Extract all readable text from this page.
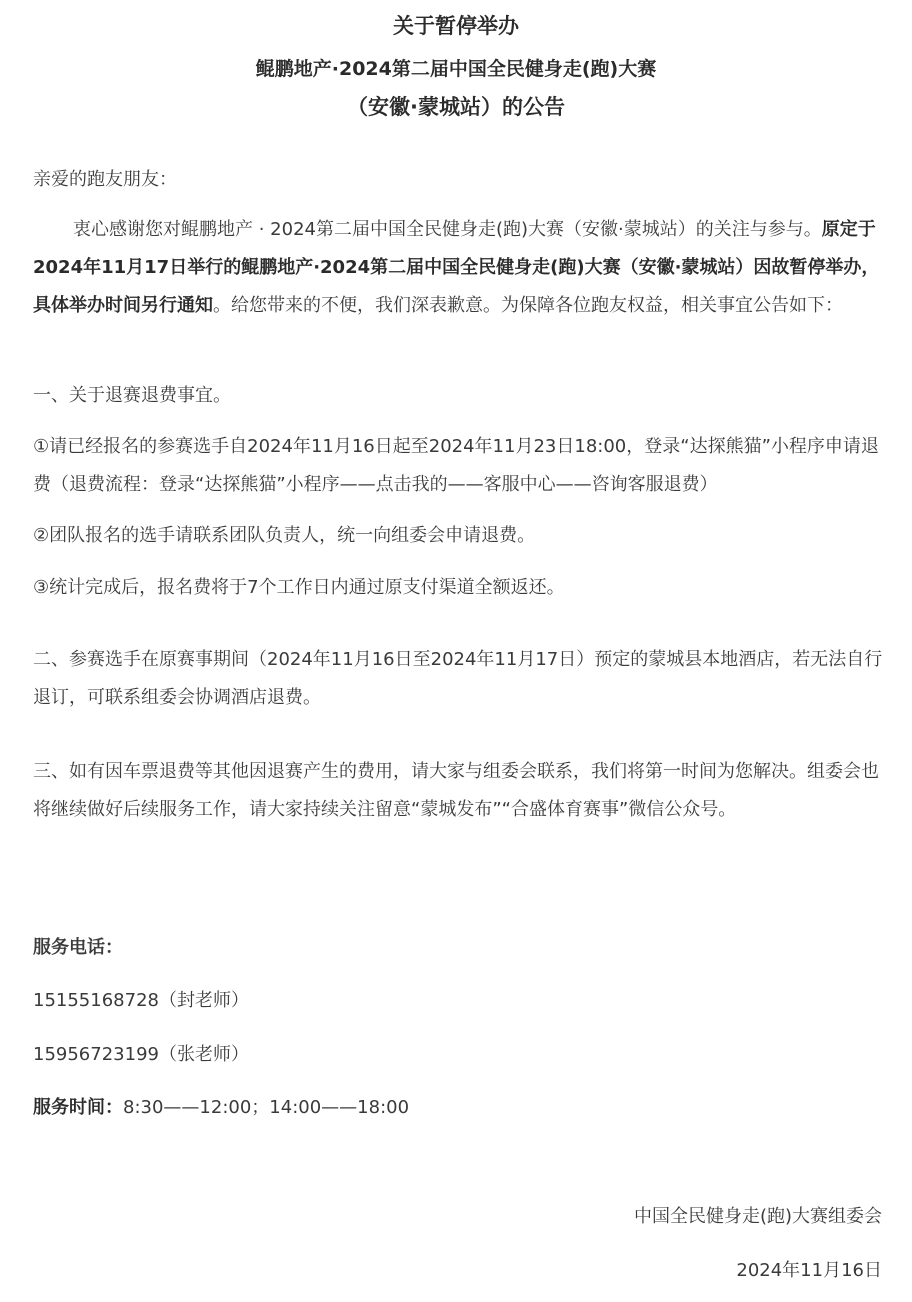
关于暂停举办
鲲鹏地产·2024第二届中国全民健身走(跑)大赛
（安徽·蒙城站）的公告
亲爱的跑友朋友：
衷心感谢您对鲲鹏地产 · 2024第二届中国全民健身走(跑)大赛（安徽·蒙城站）的关注与参与。原定于2024年11月17日举行的鲲鹏地产·2024第二届中国全民健身走(跑)大赛（安徽·蒙城站）因故暂停举办，具体举办时间另行通知。给您带来的不便，我们深表歉意。为保障各位跑友权益，相关事宜公告如下：
一、关于退赛退费事宜。
①请已经报名的参赛选手自2024年11月16日起至2024年11月23日18:00，登录“达探熊猫”小程序申请退费（退费流程：登录“达探熊猫”小程序——点击我的——客服中心——咨询客服退费）
②团队报名的选手请联系团队负责人，统一向组委会申请退费。
③统计完成后，报名费将于7个工作日内通过原支付渠道全额返还。
二、参赛选手在原赛事期间（2024年11月16日至2024年11月17日）预定的蒙城县本地酒店，若无法自行退订，可联系组委会协调酒店退费。
三、如有因车票退费等其他因退赛产生的费用，请大家与组委会联系，我们将第一时间为您解决。组委会也将继续做好后续服务工作，请大家持续关注留意“蒙城发布”“合盛体育赛事”微信公众号。
服务电话：
15155168728（封老师）
15956723199（张老师）
服务时间：8:30——12:00；14:00——18:00
中国全民健身走(跑)大赛组委会
2024年11月16日
